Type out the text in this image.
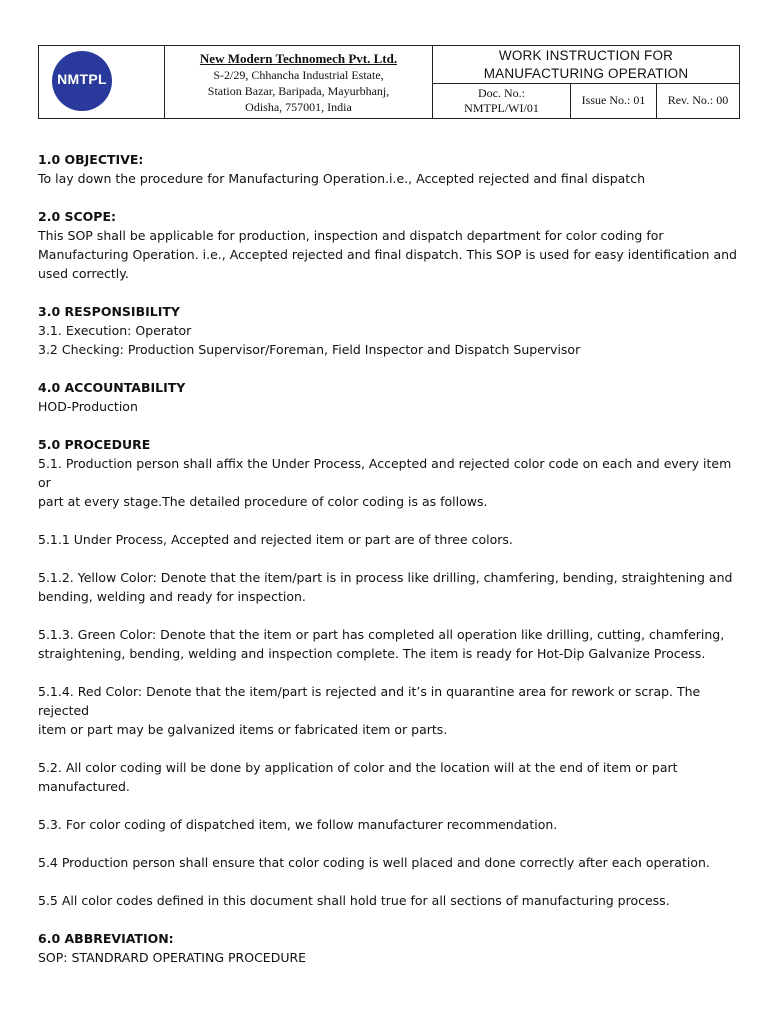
NMTPL
New Modern Technomech Pvt. Ltd.
S-2/29, Chhancha Industrial Estate,
Station Bazar, Baripada, Mayurbhanj,
Odisha, 757001, India
WORK INSTRUCTION FOR
MANUFACTURING OPERATION
Doc. No.:
NMTPL/WI/01
Issue No.: 01	Rev. No.: 00
1.0 OBJECTIVE:
To lay down the procedure for Manufacturing Operation.i.e., Accepted rejected and final dispatch
2.0 SCOPE:
This SOP shall be applicable for production, inspection and dispatch department for color coding for
Manufacturing Operation. i.e., Accepted rejected and final dispatch. This SOP is used for easy identification and
used correctly.
3.0 RESPONSIBILITY
3.1. Execution: Operator
3.2 Checking: Production Supervisor/Foreman, Field Inspector and Dispatch Supervisor
4.0 ACCOUNTABILITY
HOD-Production
5.0 PROCEDURE
5.1. Production person shall affix the Under Process, Accepted and rejected color code on each and every item or
part at every stage.The detailed procedure of color coding is as follows.
5.1.1 Under Process, Accepted and rejected item or part are of three colors.
5.1.2. Yellow Color: Denote that the item/part is in process like drilling, chamfering, bending, straightening and
bending, welding and ready for inspection.
5.1.3. Green Color: Denote that the item or part has completed all operation like drilling, cutting, chamfering,
straightening, bending, welding and inspection complete. The item is ready for Hot-Dip Galvanize Process.
5.1.4. Red Color: Denote that the item/part is rejected and it’s in quarantine area for rework or scrap. The rejected
item or part may be galvanized items or fabricated item or parts.
5.2. All color coding will be done by application of color and the location will at the end of item or part
manufactured.
5.3. For color coding of dispatched item, we follow manufacturer recommendation.
5.4 Production person shall ensure that color coding is well placed and done correctly after each operation.
5.5 All color codes defined in this document shall hold true for all sections of manufacturing process.
6.0 ABBREVIATION:
SOP: STANDRARD OPERATING PROCEDURE
